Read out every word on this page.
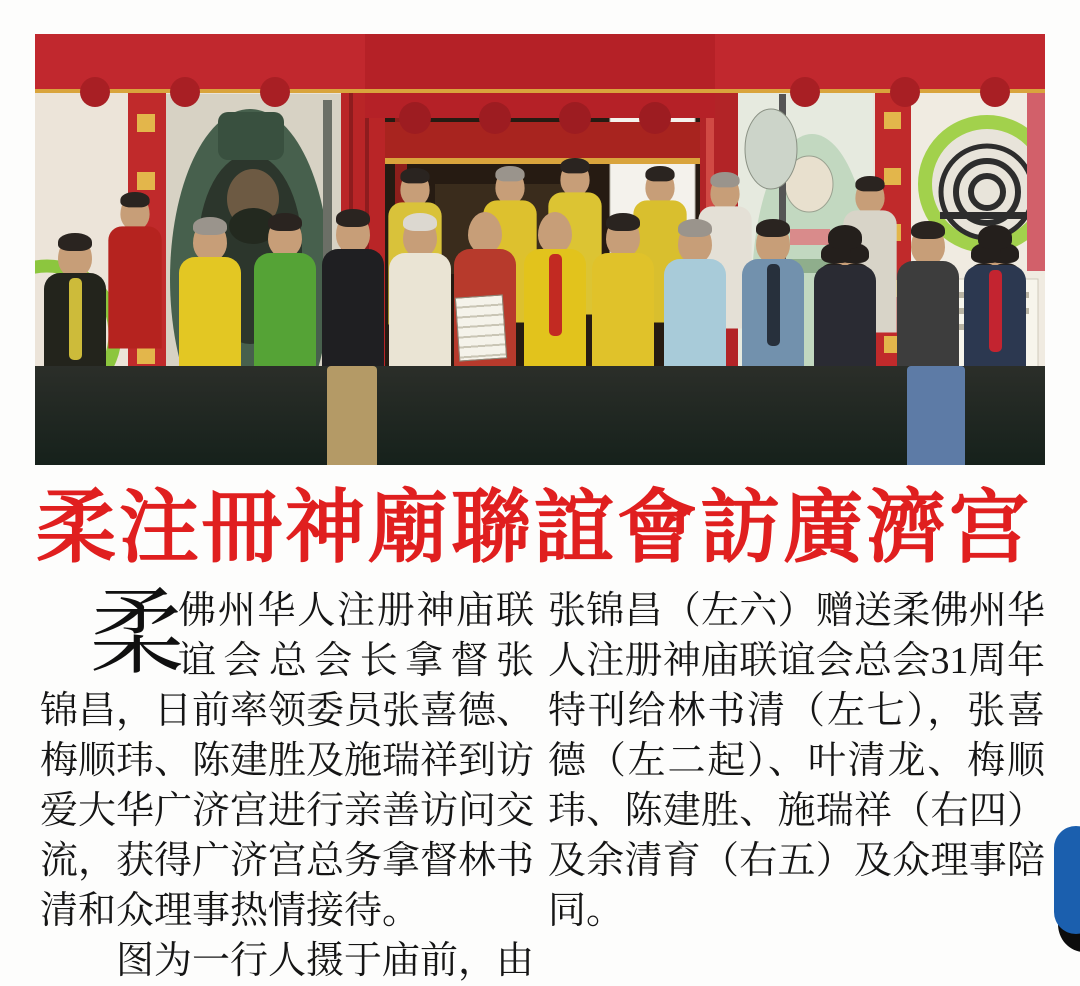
柔注冊神廟聯誼會訪廣濟宫
柔
佛州华人注册神庙联
谊会总会长拿督张
锦昌，日前率领委员张喜德、
梅顺玮、陈建胜及施瑞祥到访
爱大华广济宫进行亲善访问交
流，获得广济宫总务拿督林书
清和众理事热情接待。
图为一行人摄于庙前，由
张锦昌（左六）赠送柔佛州华
人注册神庙联谊会总会31周年
特刊给林书清（左七），张喜
德（左二起）、叶清龙、梅顺
玮、陈建胜、施瑞祥（右四）
及余清育（右五）及众理事陪
同。
